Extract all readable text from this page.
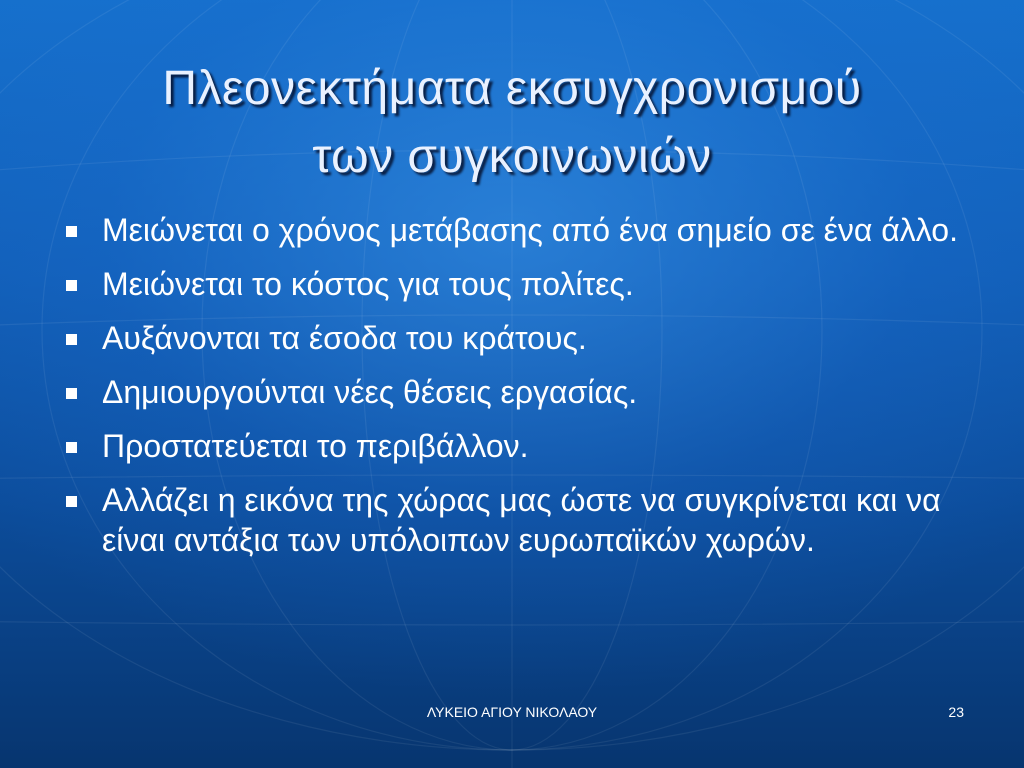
Πλεονεκτήματα εκσυγχρονισμού
των συγκοινωνιών
Μειώνεται ο χρόνος μετάβασης από ένα σημείο σε ένα άλλο.
Μειώνεται το κόστος για τους πολίτες.
Αυξάνονται τα έσοδα του κράτους.
Δημιουργούνται νέες θέσεις εργασίας.
Προστατεύεται το περιβάλλον.
Αλλάζει η εικόνα της χώρας μας ώστε να συγκρίνεται και να είναι αντάξια των υπόλοιπων ευρωπαϊκών χωρών.
ΛΥΚΕΙΟ ΑΓΙΟΥ ΝΙΚΟΛΑΟΥ	23
